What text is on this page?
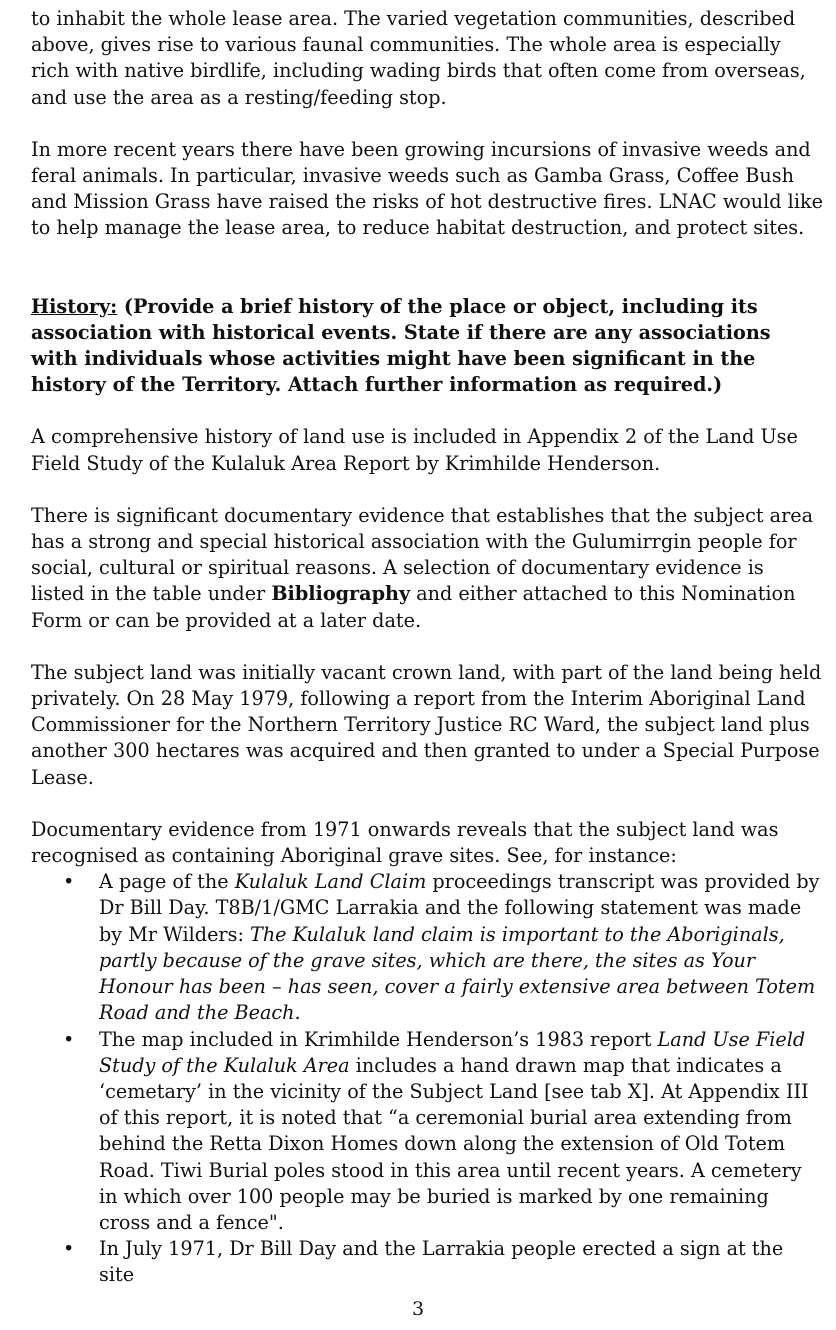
to inhabit the whole lease area. The varied vegetation communities, described above, gives rise to various faunal communities. The whole area is especially rich with native birdlife, including wading birds that often come from overseas, and use the area as a resting/feeding stop.

In more recent years there have been growing incursions of invasive weeds and feral animals. In particular, invasive weeds such as Gamba Grass, Coffee Bush and Mission Grass have raised the risks of hot destructive fires. LNAC would like to help manage the lease area, to reduce habitat destruction, and protect sites.

History: (Provide a brief history of the place or object, including its association with historical events. State if there are any associations with individuals whose activities might have been significant in the history of the Territory. Attach further information as required.)

A comprehensive history of land use is included in Appendix 2 of the Land Use Field Study of the Kulaluk Area Report by Krimhilde Henderson.

There is significant documentary evidence that establishes that the subject area has a strong and special historical association with the Gulumirrgin people for social, cultural or spiritual reasons. A selection of documentary evidence is listed in the table under Bibliography and either attached to this Nomination Form or can be provided at a later date.

The subject land was initially vacant crown land, with part of the land being held privately. On 28 May 1979, following a report from the Interim Aboriginal Land Commissioner for the Northern Territory Justice RC Ward, the subject land plus another 300 hectares was acquired and then granted to under a Special Purpose Lease.

Documentary evidence from 1971 onwards reveals that the subject land was recognised as containing Aboriginal grave sites. See, for instance:

• A page of the Kulaluk Land Claim proceedings transcript was provided by Dr Bill Day. T8B/1/GMC Larrakia and the following statement was made by Mr Wilders: The Kulaluk land claim is important to the Aboriginals, partly because of the grave sites, which are there, the sites as Your Honour has been – has seen, cover a fairly extensive area between Totem Road and the Beach.
• The map included in Krimhilde Henderson’s 1983 report Land Use Field Study of the Kulaluk Area includes a hand drawn map that indicates a ‘cemetary’ in the vicinity of the Subject Land [see tab X]. At Appendix III of this report, it is noted that “a ceremonial burial area extending from behind the Retta Dixon Homes down along the extension of Old Totem Road. Tiwi Burial poles stood in this area until recent years. A cemetery in which over 100 people may be buried is marked by one remaining cross and a fence".
• In July 1971, Dr Bill Day and the Larrakia people erected a sign at the site
3
